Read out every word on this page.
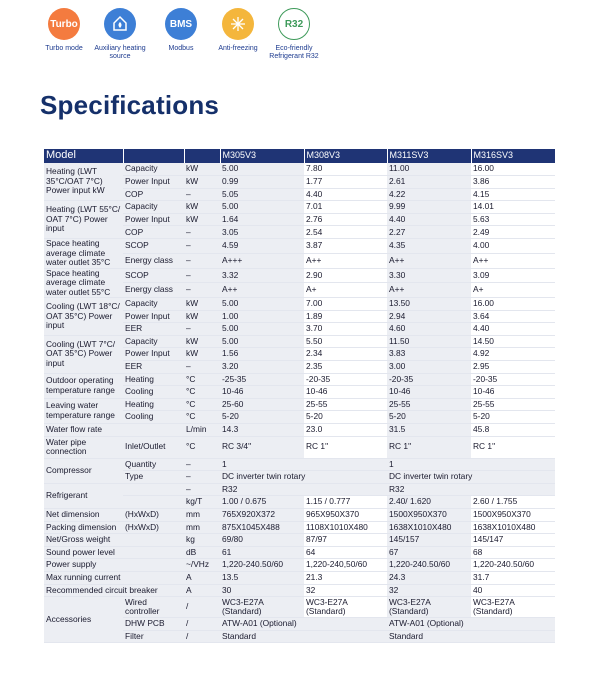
Turbo
Turbo mode	Auxiliary heating source
BMS
Modbus	Anti-freezing
R32
Eco-friendly Refrigerant R32
Specifications
Model			M305V3	M308V3	M311SV3	M316SV3
Heating (LWT 35°C/OAT 7°C) Power input kW	Capacity	kW	5.00	7.80	11.00	16.00
	Power Input	kW	0.99	1.77	2.61	3.86
	COP	–	5.05	4.40	4.22	4.15
Heating (LWT 55°C/ OAT 7°C) Power input	Capacity	kW	5.00	7.01	9.99	14.01
	Power Input	kW	1.64	2.76	4.40	5.63
	COP	–	3.05	2.54	2.27	2.49
Space heating average climate water outlet 35°C	SCOP	–	4.59	3.87	4.35	4.00
	Energy class	–	A+++	A++	A++	A++
Space heating average climate water outlet 55°C	SCOP	–	3.32	2.90	3.30	3.09
	Energy class	–	A++	A+	A++	A+
Cooling (LWT 18°C/ OAT 35°C) Power input	Capacity	kW	5.00	7.00	13.50	16.00
	Power Input	kW	1.00	1.89	2.94	3.64
	EER	–	5.00	3.70	4.60	4.40
Cooling (LWT 7°C/ OAT 35°C) Power input	Capacity	kW	5.00	5.50	11.50	14.50
	Power Input	kW	1.56	2.34	3.83	4.92
	EER	–	3.20	2.35	3.00	2.95
Outdoor operating temperature range	Heating	°C	-25-35	-20-35	-20-35	-20-35
	Cooling	°C	10-46	10-46	10-46	10-46
Leaving water temperature range	Heating	°C	25-60	25-55	25-55	25-55
	Cooling	°C	5-20	5-20	5-20	5-20
Water flow rate		L/min	14.3	23.0	31.5	45.8
Water pipe connection	Inlet/Outlet	°C	RC 3/4"	RC 1"	RC 1"	RC 1"
Compressor	Quantity	–	1		1	
	Type	–	DC inverter twin rotary		DC inverter twin rotary	
Refrigerant		–	R32		R32	
		kg/T	1.00 / 0.675	1.15 / 0.777	2.40/ 1.620	2.60 / 1.755
Net dimension	(HxWxD)	mm	765X920X372	965X950X370	1500X950X370	1500X950X370
Packing dimension	(HxWxD)	mm	875X1045X488	1108X1010X480	1638X1010X480	1638X1010X480
Net/Gross weight		kg	69/80	87/97	145/157	145/147
Sound power level		dB	61	64	67	68
Power supply		~/VHz	1,220-240.50/60	1,220-240,50/60	1,220-240.50/60	1,220-240.50/60
Max running current		A	13.5	21.3	24.3	31.7
Recommended circuit breaker		A	30	32	32	40
Accessories	Wired controller	/	WC3-E27A (Standard)	WC3-E27A (Standard)	WC3-E27A (Standard)	WC3-E27A (Standard)
	DHW PCB	/	ATW-A01 (Optional)		ATW-A01 (Optional)	
	Filter	/	Standard		Standard	
